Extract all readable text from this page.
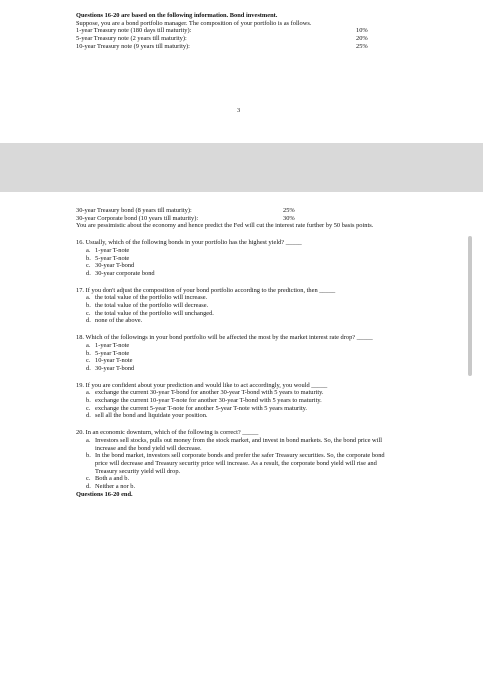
Questions 16-20 are based on the following information. Bond investment.
Suppose, you are a bond portfolio manager. The composition of your portfolio is as follows.
1-year Treasury note (180 days till maturity):	10%
5-year Treasury note (2 years till maturity):	20%
10-year Treasury note (9 years till maturity):	25%
3
30-year Treasury bond (8 years till maturity):	25%
30-year Corporate bond (10 years till maturity):	30%
You are pessimistic about the economy and hence predict the Fed will cut the interest rate further by 50 basis points.
16. Usually, which of the following bonds in your portfolio has the highest yield? _____
a. 1-year T-note
b. 5-year T-note
c. 30-year T-bond
d. 30-year corporate bond
17. If you don't adjust the composition of your bond portfolio according to the prediction, then _____
a. the total value of the portfolio will increase.
b. the total value of the portfolio will decrease.
c. the total value of the portfolio will unchanged.
d. none of the above.
18. Which of the followings in your bond portfolio will be affected the most by the market interest rate drop? _____
a. 1-year T-note
b. 5-year T-note
c. 10-year T-note
d. 30-year T-bond
19. If you are confident about your prediction and would like to act accordingly, you would _____
a. exchange the current 30-year T-bond for another 30-year T-bond with 5 years to maturity.
b. exchange the current 10-year T-note for another 30-year T-bond with 5 years to maturity.
c. exchange the current 5-year T-note for another 5-year T-note with 5 years maturity.
d. sell all the bond and liquidate your position.
20. In an economic downturn, which of the following is correct? _____
a. Investors sell stocks, pulls out money from the stock market, and invest in bond markets. So, the bond price will increase and the bond yield will decrease.
b. In the bond market, investors sell corporate bonds and prefer the safer Treasury securities. So, the corporate bond price will decrease and Treasury security price will increase. As a result, the corporate bond yield will rise and Treasury security yield will drop.
c. Both a and b.
d. Neither a nor b.
Questions 16-20 end.
